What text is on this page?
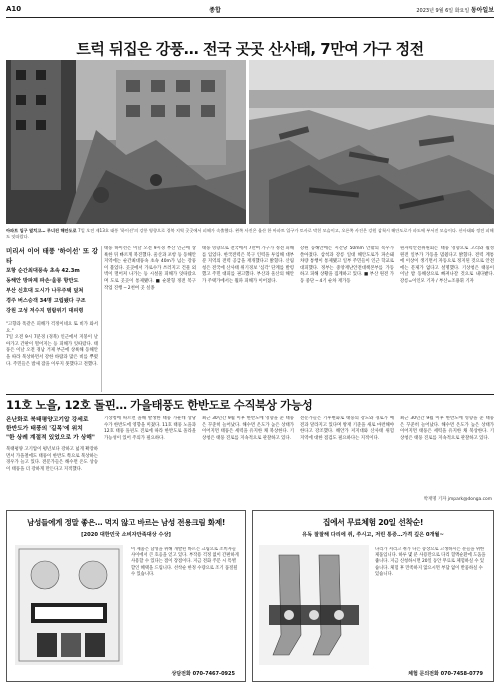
A10	종합	2023년 9월 6일 화요일 동아일보
트럭 뒤집은 강풍… 전국 곳곳 산사태, 7만여 가구 정전
아파트 입구 덮치고… 무너진 해안도로 7일 오전 제13호 태풍 '하이선'의 강풍 영향으로 경북 지역 곳곳에서 피해가 속출했다. 왼쪽 사진은 울산 한 아파트 입구가 토사로 막힌 모습이고, 오른쪽 사진은 강원 삼척시 해안도로가 파도에 부서진 모습이다. 산사태와 정전 피해도 잇따랐다.
미리서 이어 태풍 '하이선' 또 강타
포항 순간최대풍속 초속 42.3m
동해안 방파제 파손·울릉 항만도
부산 신호대 도시가 나무주택 덮쳐
경주 버스승객 34명 고립됐다 구조
강원 고성 저수지 범람위기 대피령
"고향과 똑같은 피해가 걱정이네요 또 비가 와서요."
7일 오전 9시 7분경 (경북) 인근에서 지붕이 날아가고 간판이 떨어지는 등 피해가 잇따랐다. 태풍은 이날 오전 경남 거제 부근에 상륙해 동해안을 따라 북상하면서 강한 바람과 많은 비를 뿌렸다. 주민들은 밤새 잠을 이루지 못했다고 전했다.
태풍 하이선은 이날 오전 9시경 부산 인근에 상륙한 뒤 빠르게 북진했다. 울산과 포항 등 동해안 지역에는 순간최대풍속 초속 40m가 넘는 강풍이 불었다. 곳곳에서 가로수가 쓰러지고 건물 외벽이 떨어져 나가는 등 시설물 피해가 잇따랐으며 도로 곳곳이 통제됐다. ■ 순환형 정전 복구 작업 진행 ─ 2천여 곳 실종
태풍 영향으로 전국에서 7만여 가구가 정전 피해를 입었다. 한국전력은 복구 인력을 투입해 대부분 지역의 전력 공급을 재개했다고 밝혔다. 산림청은 전국에 산사태 위기경보 '심각' 단계를 발령했고 주민 대피를 권고했다. 부산과 울산의 해안가 주택가에서는 월파 피해가 이어졌다.
강원 동해안에는 시간당 50mm 안팎의 폭우가 쏟아졌다. 삼척과 강릉 일대 해안도로가 파손돼 차량 통행이 통제됐고 일부 주민들이 인근 학교로 대피했다. 정부는 중앙재난안전대책본부를 가동하고 피해 상황을 집계하고 있다. ■ 부산 원전 가동 중단 ─ 4기 순차 재가동
원자력안전위원회는 태풍 영향으로 고리와 월성 원전 일부가 가동을 멈췄다고 밝혔다. 전력 계통에 이상이 생기면서 자동으로 정지된 것으로 안전에는 문제가 없다고 설명했다. 기상청은 태풍이 이날 밤 동해상으로 빠져나갈 것으로 내다봤다. 강릉=이인모 기자 / 부산=조용휘 기자
11호 노을, 12호 돌핀… 가을태풍도 한반도로 수직북상 가능성
온난화로 북태평양고기압 강세로
한반도가 태풍의 '길목'에 위치
"한 상례 계절적 있었으로 가 상해"
북태평양 고기압이 평년보다 강하고 넓게 확장하면서 가을철에도 태풍이 한반도 쪽으로 북상하는 경우가 늘고 있다. 전문가들은 해수면 온도 상승이 태풍을 더 강하게 만든다고 지적했다.
기상청에 따르면 올해 발생한 태풍 가운데 상당수가 한반도에 영향을 미쳤다. 11호 태풍 노을과 12호 태풍 돌핀도 진로에 따라 한반도로 올라올 가능성이 있어 주의가 필요하다.
최근 30년간 9월 이후 한반도에 영향을 준 태풍은 꾸준히 늘어났다. 해수면 온도가 높은 상태가 이어지면 태풍은 세력을 유지한 채 북상한다. 기상청은 태풍 진로를 지속적으로 관찰하고 있다.
전문가들은 기후변화로 태풍의 강도와 경로가 예전과 달라지고 있다며 방재 기준을 새로 마련해야 한다고 강조했다. 해안가 저지대와 산사태 위험 지역에 대한 점검도 필요하다는 지적이다.
최근 30년간 9월 이후 한반도에 영향을 준 태풍은 꾸준히 늘어났다. 해수면 온도가 높은 상태가 이어지면 태풍은 세력을 유지한 채 북상한다. 기상청은 태풍 진로를 지속적으로 관찰하고 있다.
박재명 기자 jmpark@donga.com
남성들에게 정말 좋은… 먹지 않고 바르는 남성 전용크림 화제!
[2020 대한민국 소비자만족대상 수상]
이 제품은 남성을 위해 개발된 바르는 크림으로 소비자들 사이에서 큰 호응을 얻고 있다. 부작용 걱정 없이 간편하게 사용할 수 있다는 점이 장점이다. 지금 전화 주문 시 특별 할인 혜택을 드립니다. 선착순 한정 수량으로 조기 품절될 수 있습니다.
상담전화 070-7467-0925
집에서 무료체험 20일 선착순!
유독 잘잘해 다리에 쥐, 쑤시고, 저린 통증…가격 깊은 0개월~
다리가 저리고 쥐가 나는 증상으로 고생하시는 분들을 위한 제품입니다. 하루 몇 분 사용만으로 다리 혈액순환에 도움을 줍니다. 지금 신청하시면 20일 동안 무료로 체험하실 수 있습니다. 체험 후 만족하지 않으시면 부담 없이 반품하실 수 있습니다.
체험 문의전화 070-7458-0779
